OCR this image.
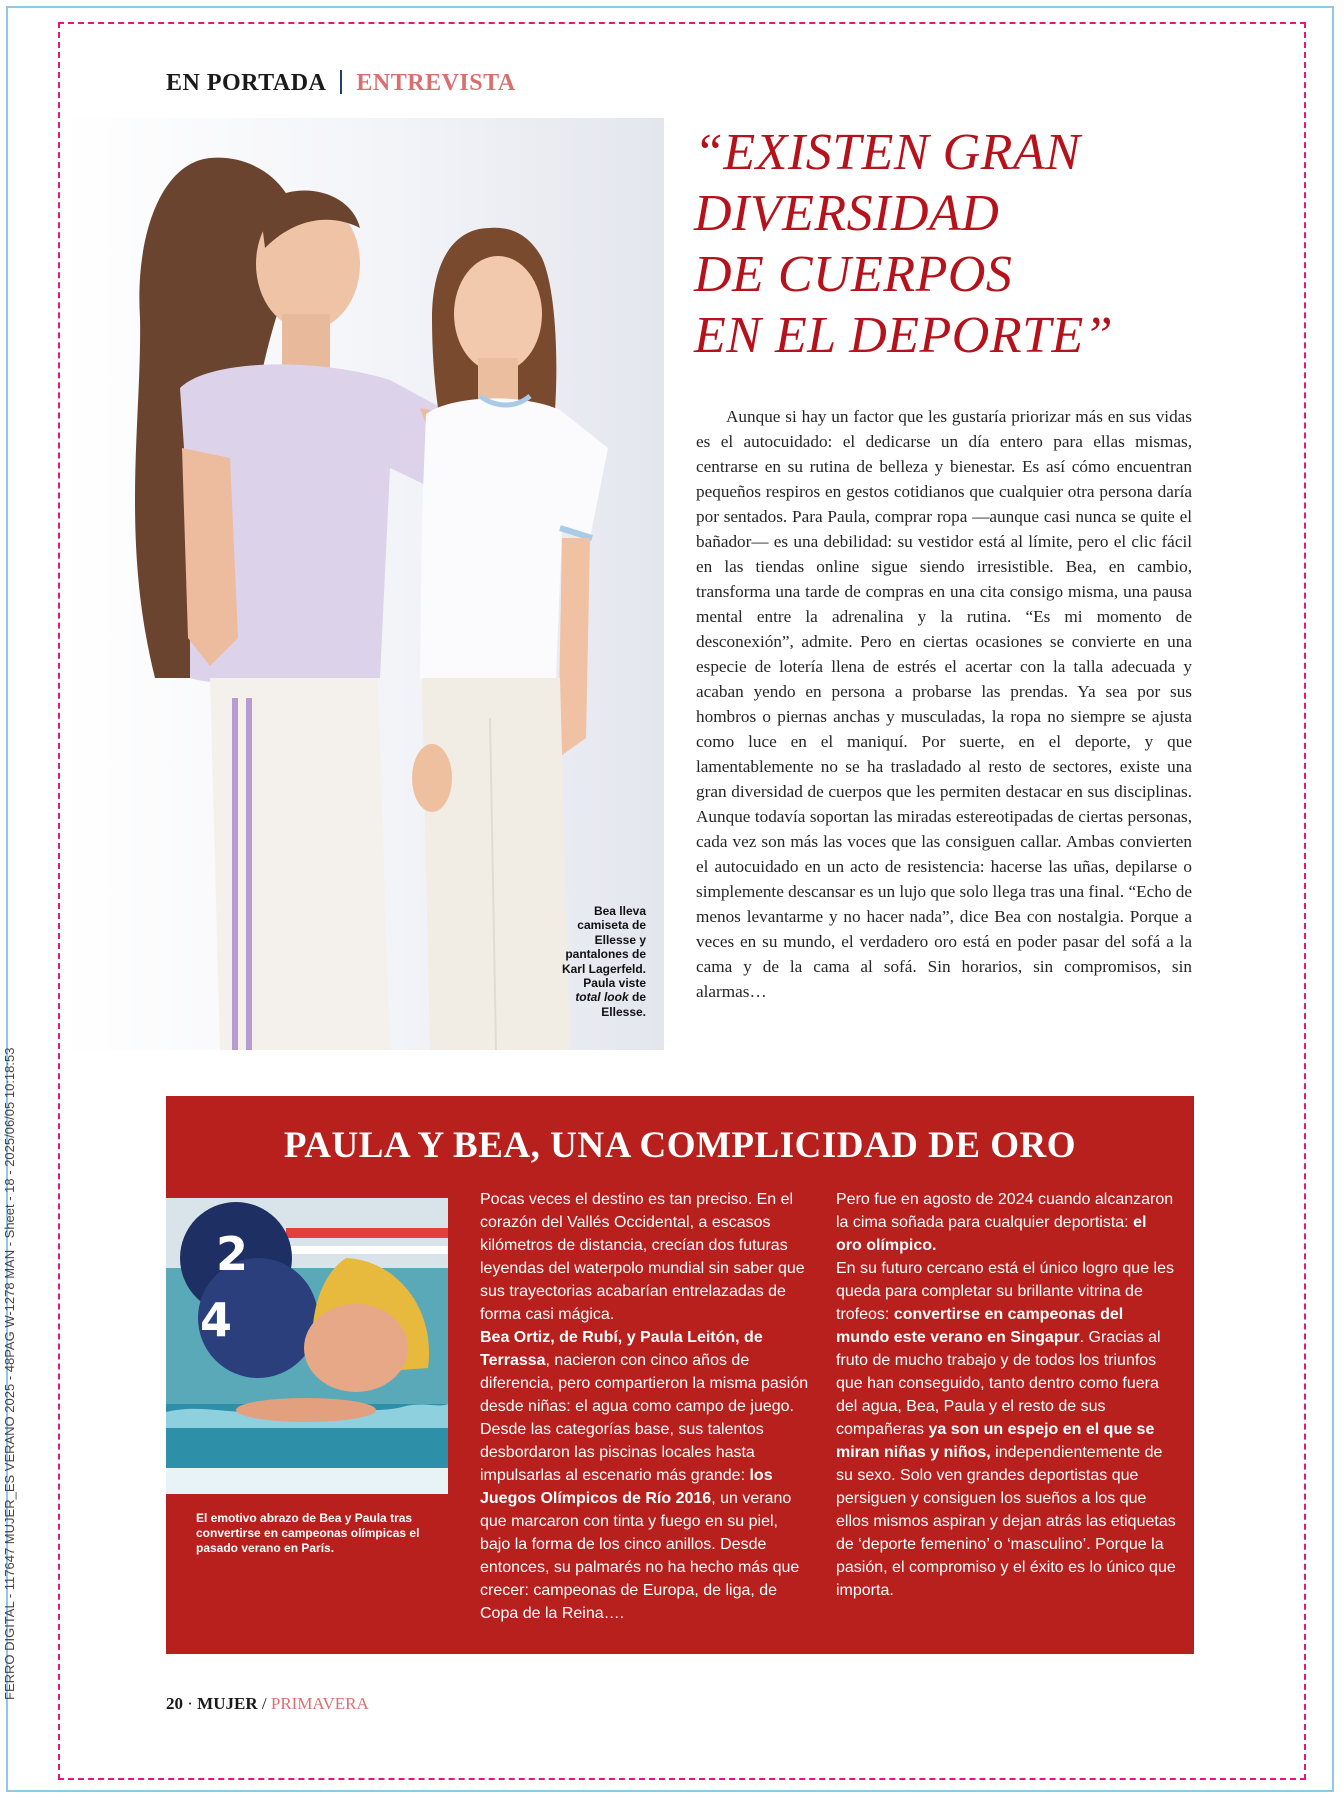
FERRO DIGITAL - 117647 MUJER_ES VERANO 2025 - 48PAG W-1278 MAN - Sheet - 18 - 2025/06/05 10:18:53
EN PORTADA ENTREVISTA
Bea lleva
camiseta de
Ellesse y
pantalones de
Karl Lagerfeld.
Paula viste
total look de
Ellesse.
“EXISTEN GRAN
DIVERSIDAD
DE CUERPOS
EN EL DEPORTE”

Aunque si hay un factor que les gustaría priorizar más en sus vidas es el autocuidado: el dedicarse un día entero para ellas mismas, centrarse en su rutina de belleza y bienestar. Es así cómo encuentran pequeños respiros en gestos cotidianos que cualquier otra persona daría por sentados. Para Paula, comprar ropa —aunque casi nunca se quite el bañador— es una debilidad: su vestidor está al límite, pero el clic fácil en las tiendas online sigue siendo irresistible. Bea, en cambio, transforma una tarde de compras en una cita consigo misma, una pausa mental entre la adrenalina y la rutina. “Es mi momento de desconexión”, admite. Pero en ciertas ocasiones se convierte en una especie de lotería llena de estrés el acertar con la talla adecuada y acaban yendo en persona a probarse las prendas. Ya sea por sus hombros o piernas anchas y musculadas, la ropa no siempre se ajusta como luce en el maniquí. Por suerte, en el deporte, y que lamentablemente no se ha trasladado al resto de sectores, existe una gran diversidad de cuerpos que les permiten destacar en sus disciplinas. Aunque todavía soportan las miradas estereotipadas de ciertas personas, cada vez son más las voces que las consiguen callar. Ambas convierten el autocuidado en un acto de resistencia: hacerse las uñas, depilarse o simplemente descansar es un lujo que solo llega tras una final. “Echo de menos levantarme y no hacer nada”, dice Bea con nostalgia. Porque a veces en su mundo, el verdadero oro está en poder pasar del sofá a la cama y de la cama al sofá. Sin horarios, sin compromisos, sin alarmas…

PAULA Y BEA, UNA COMPLICIDAD DE ORO
2
4
El emotivo abrazo de Bea y Paula tras convertirse en campeonas olímpicas el pasado verano en París.

Pocas veces el destino es tan preciso. En el corazón del Vallés Occidental, a escasos kilómetros de distancia, crecían dos futuras leyendas del waterpolo mundial sin saber que sus trayectorias acabarían entrelazadas de forma casi mágica.

Bea Ortiz, de Rubí, y Paula Leitón, de Terrassa, nacieron con cinco años de diferencia, pero compartieron la misma pasión desde niñas: el agua como campo de juego. Desde las categorías base, sus talentos desbordaron las piscinas locales hasta impulsarlas al escenario más grande: los Juegos Olímpicos de Río 2016, un verano que marcaron con tinta y fuego en su piel, bajo la forma de los cinco anillos. Desde entonces, su palmarés no ha hecho más que crecer: campeonas de Europa, de liga, de Copa de la Reina….

Pero fue en agosto de 2024 cuando alcanzaron la cima soñada para cualquier deportista: el oro olímpico.

En su futuro cercano está el único logro que les queda para completar su brillante vitrina de trofeos: convertirse en campeonas del mundo este verano en Singapur. Gracias al fruto de mucho trabajo y de todos los triunfos que han conseguido, tanto dentro como fuera del agua, Bea, Paula y el resto de sus compañeras ya son un espejo en el que se miran niñas y niños, independientemente de su sexo. Solo ven grandes deportistas que persiguen y consiguen los sueños a los que ellos mismos aspiran y dejan atrás las etiquetas de ‘deporte femenino’ o ‘masculino’. Porque la pasión, el compromiso y el éxito es lo único que importa.

20 · MUJER / PRIMAVERA
